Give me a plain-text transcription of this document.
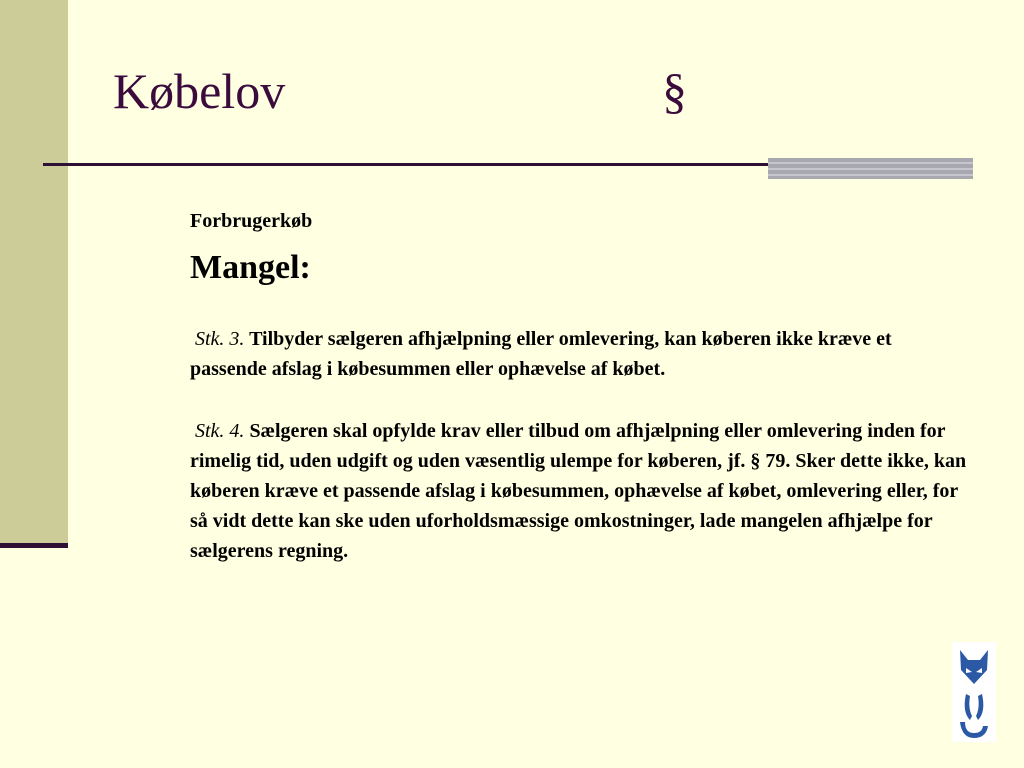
Købelov	§

Forbrugerkøb

Mangel:

Stk. 3. Tilbyder sælgeren afhjælpning eller omlevering, kan køberen ikke kræve et passende afslag i købesummen eller ophævelse af købet.

Stk. 4. Sælgeren skal opfylde krav eller tilbud om afhjælpning eller omlevering inden for rimelig tid, uden udgift og uden væsentlig ulempe for køberen, jf. § 79. Sker dette ikke, kan køberen kræve et passende afslag i købesummen, ophævelse af købet, omlevering eller, for så vidt dette kan ske uden uforholdsmæssige omkostninger, lade mangelen afhjælpe for sælgerens regning.
